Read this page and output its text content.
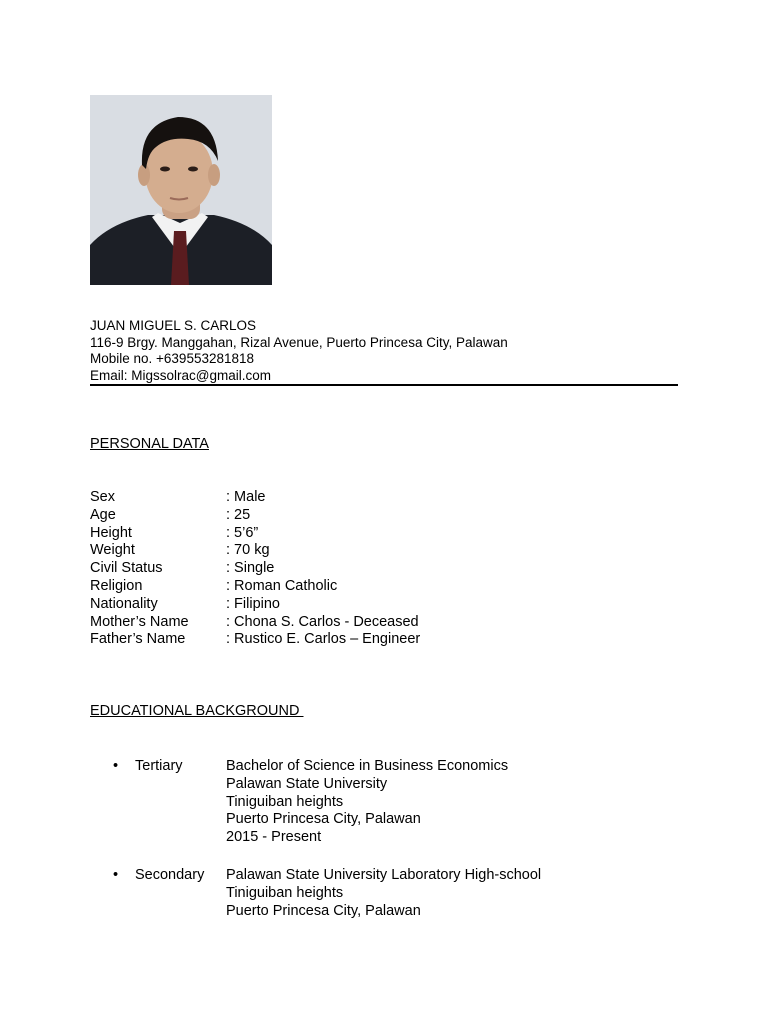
JUAN MIGUEL S. CARLOS
116-9 Brgy. Manggahan, Rizal Avenue, Puerto Princesa City, Palawan
Mobile no. +639553281818
Email: Migssolrac@gmail.com
PERSONAL DATA
Sex	: Male
Age	: 25
Height	: 5’6”
Weight	: 70 kg
Civil Status	: Single
Religion	: Roman Catholic
Nationality	: Filipino
Mother’s Name	: Chona S. Carlos - Deceased
Father’s Name	: Rustico E. Carlos – Engineer
EDUCATIONAL BACKGROUND
•	Tertiary	Bachelor of Science in Business Economics
Palawan State University
Tiniguiban heights
Puerto Princesa City, Palawan
2015 - Present
•	Secondary	Palawan State University Laboratory High-school
Tiniguiban heights
Puerto Princesa City, Palawan
